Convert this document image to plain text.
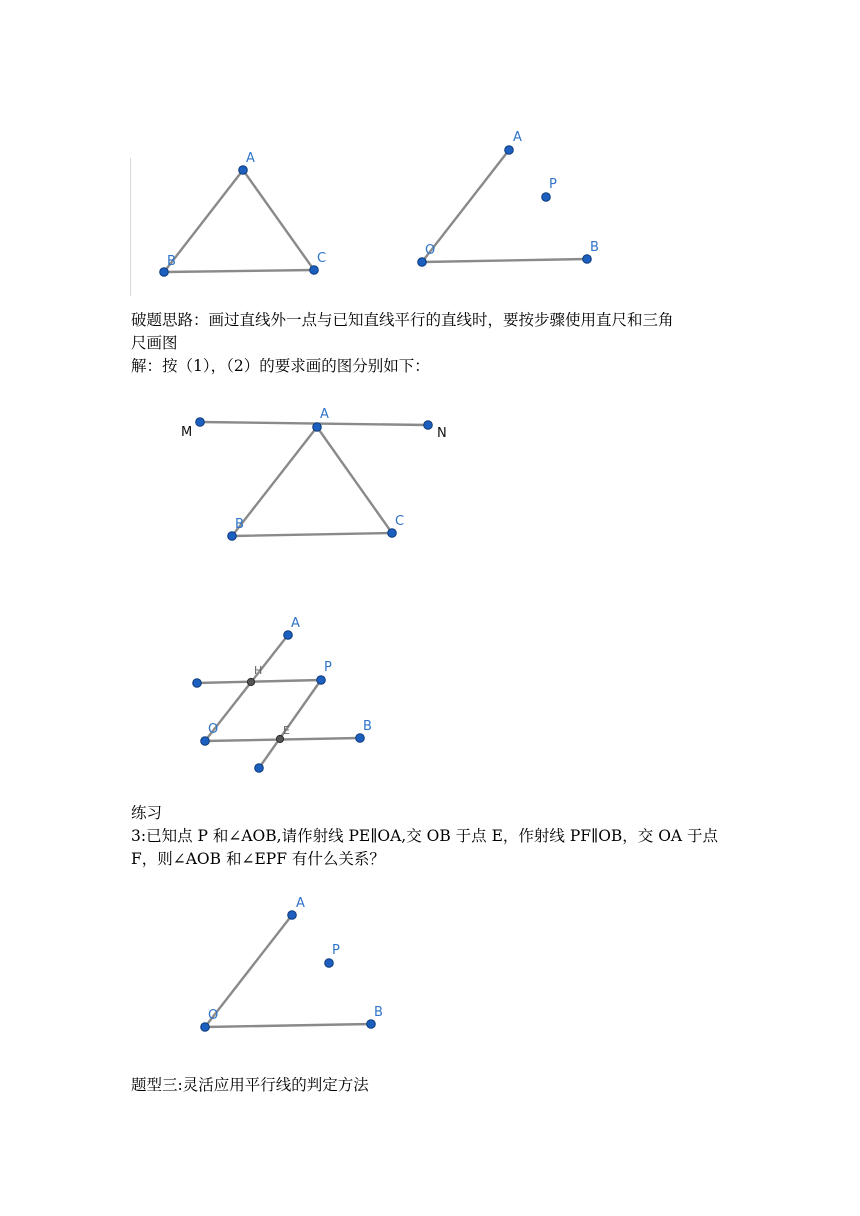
A
B	C
A
P
O	B
破题思路：画过直线外一点与已知直线平行的直线时，要按步骤使用直尺和三角
尺画图
解：按（1），（2）的要求画的图分别如下：
M
A
N
B	C
A
H	P
O	E	B
练习
3:已知点 P 和∠AOB,请作射线 PE∥OA,交 OB 于点 E，作射线 PF∥OB，交 OA 于点
F，则∠AOB 和∠EPF 有什么关系？
A
P
O	B
题型三:灵活应用平行线的判定方法
